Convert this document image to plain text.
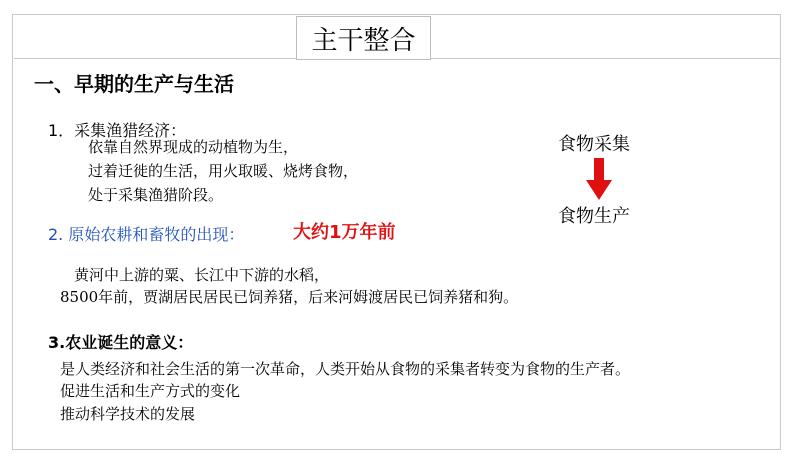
主干整合
一、早期的生产与生活
1．采集渔猎经济：
依靠自然界现成的动植物为生，
过着迁徙的生活，用火取暖、烧烤食物，
处于采集渔猎阶段。
2. 原始农耕和畜牧的出现：	大约1万年前
黄河中上游的粟、长江中下游的水稻，
8500年前，贾湖居民居民已饲养猪，后来河姆渡居民已饲养猪和狗。
食物采集
食物生产
3.农业诞生的意义：
是人类经济和社会生活的第一次革命，人类开始从食物的采集者转变为食物的生产者。
促进生活和生产方式的变化
推动科学技术的发展
